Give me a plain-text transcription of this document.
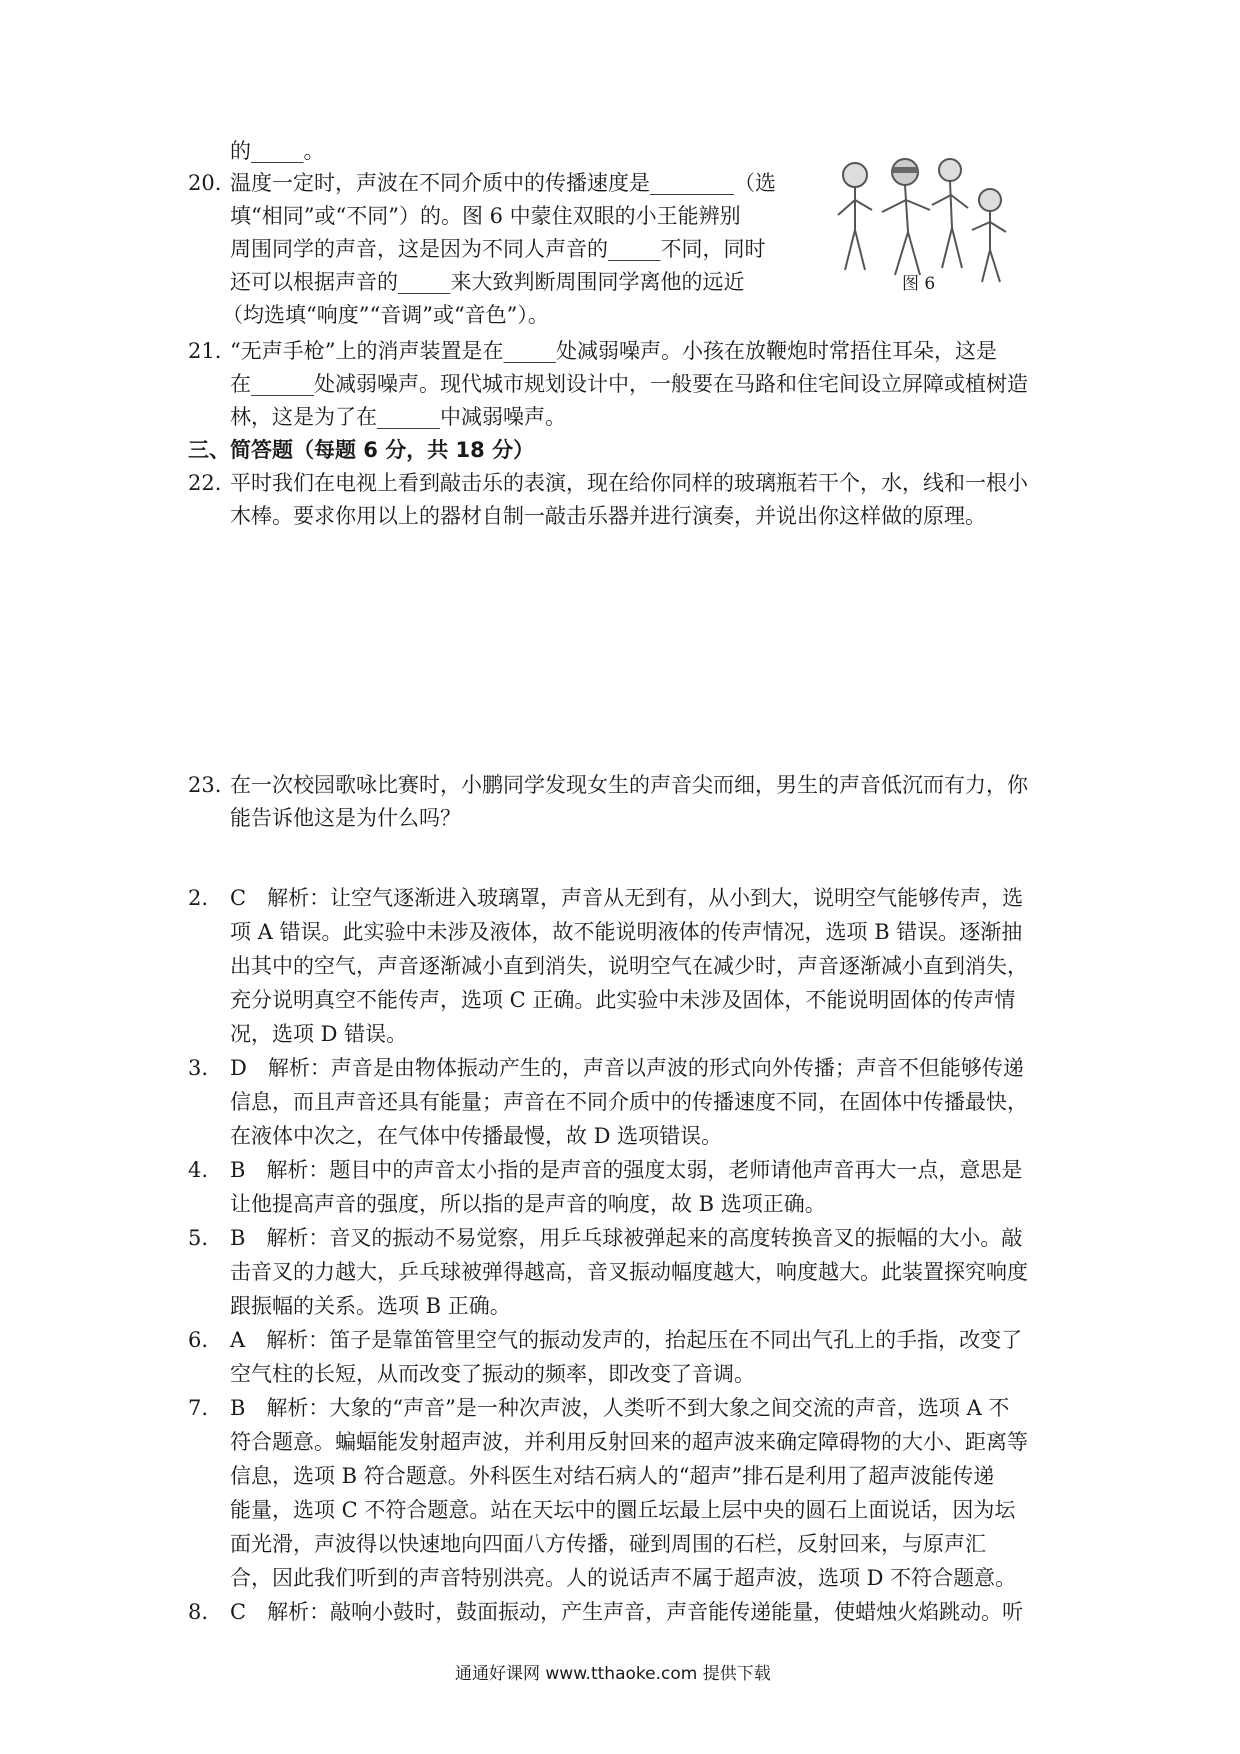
的_____。
20. 温度一定时，声波在不同介质中的传播速度是________（选
填“相同”或“不同”）的。图 6 中蒙住双眼的小王能辨别
周围同学的声音，这是因为不同人声音的_____不同，同时
还可以根据声音的_____来大致判断周围同学离他的远近
（均选填“响度”“音调”或“音色”）。
图 6
21. “无声手枪”上的消声装置是在_____处减弱噪声。小孩在放鞭炮时常捂住耳朵，这是
在______处减弱噪声。现代城市规划设计中，一般要在马路和住宅间设立屏障或植树造
林，这是为了在______中减弱噪声。
三、简答题（每题 6 分，共 18 分）
22. 平时我们在电视上看到敲击乐的表演，现在给你同样的玻璃瓶若干个，水，线和一根小
木棒。要求你用以上的器材自制一敲击乐器并进行演奏，并说出你这样做的原理。
23. 在一次校园歌咏比赛时，小鹏同学发现女生的声音尖而细，男生的声音低沉而有力，你
能告诉他这是为什么吗？
2. C　解析：让空气逐渐进入玻璃罩，声音从无到有，从小到大，说明空气能够传声，选
项 A 错误。此实验中未涉及液体，故不能说明液体的传声情况，选项 B 错误。逐渐抽
出其中的空气，声音逐渐减小直到消失，说明空气在减少时，声音逐渐减小直到消失，
充分说明真空不能传声，选项 C 正确。此实验中未涉及固体，不能说明固体的传声情
况，选项 D 错误。
3. D　解析：声音是由物体振动产生的，声音以声波的形式向外传播；声音不但能够传递
信息，而且声音还具有能量；声音在不同介质中的传播速度不同，在固体中传播最快，
在液体中次之，在气体中传播最慢，故 D 选项错误。
4. B　解析：题目中的声音太小指的是声音的强度太弱，老师请他声音再大一点，意思是
让他提高声音的强度，所以指的是声音的响度，故 B 选项正确。
5. B　解析：音叉的振动不易觉察，用乒乓球被弹起来的高度转换音叉的振幅的大小。敲
击音叉的力越大，乒乓球被弹得越高，音叉振动幅度越大，响度越大。此装置探究响度
跟振幅的关系。选项 B 正确。
6. A　解析：笛子是靠笛管里空气的振动发声的，抬起压在不同出气孔上的手指，改变了
空气柱的长短，从而改变了振动的频率，即改变了音调。
7. B　解析：大象的“声音”是一种次声波，人类听不到大象之间交流的声音，选项 A 不
符合题意。蝙蝠能发射超声波，并利用反射回来的超声波来确定障碍物的大小、距离等
信息，选项 B 符合题意。外科医生对结石病人的“超声”排石是利用了超声波能传递
能量，选项 C 不符合题意。站在天坛中的圜丘坛最上层中央的圆石上面说话，因为坛
面光滑，声波得以快速地向四面八方传播，碰到周围的石栏，反射回来，与原声汇
合，因此我们听到的声音特别洪亮。人的说话声不属于超声波，选项 D 不符合题意。
8. C　解析：敲响小鼓时，鼓面振动，产生声音，声音能传递能量，使蜡烛火焰跳动。听
通通好课网 www.tthaoke.com 提供下载
